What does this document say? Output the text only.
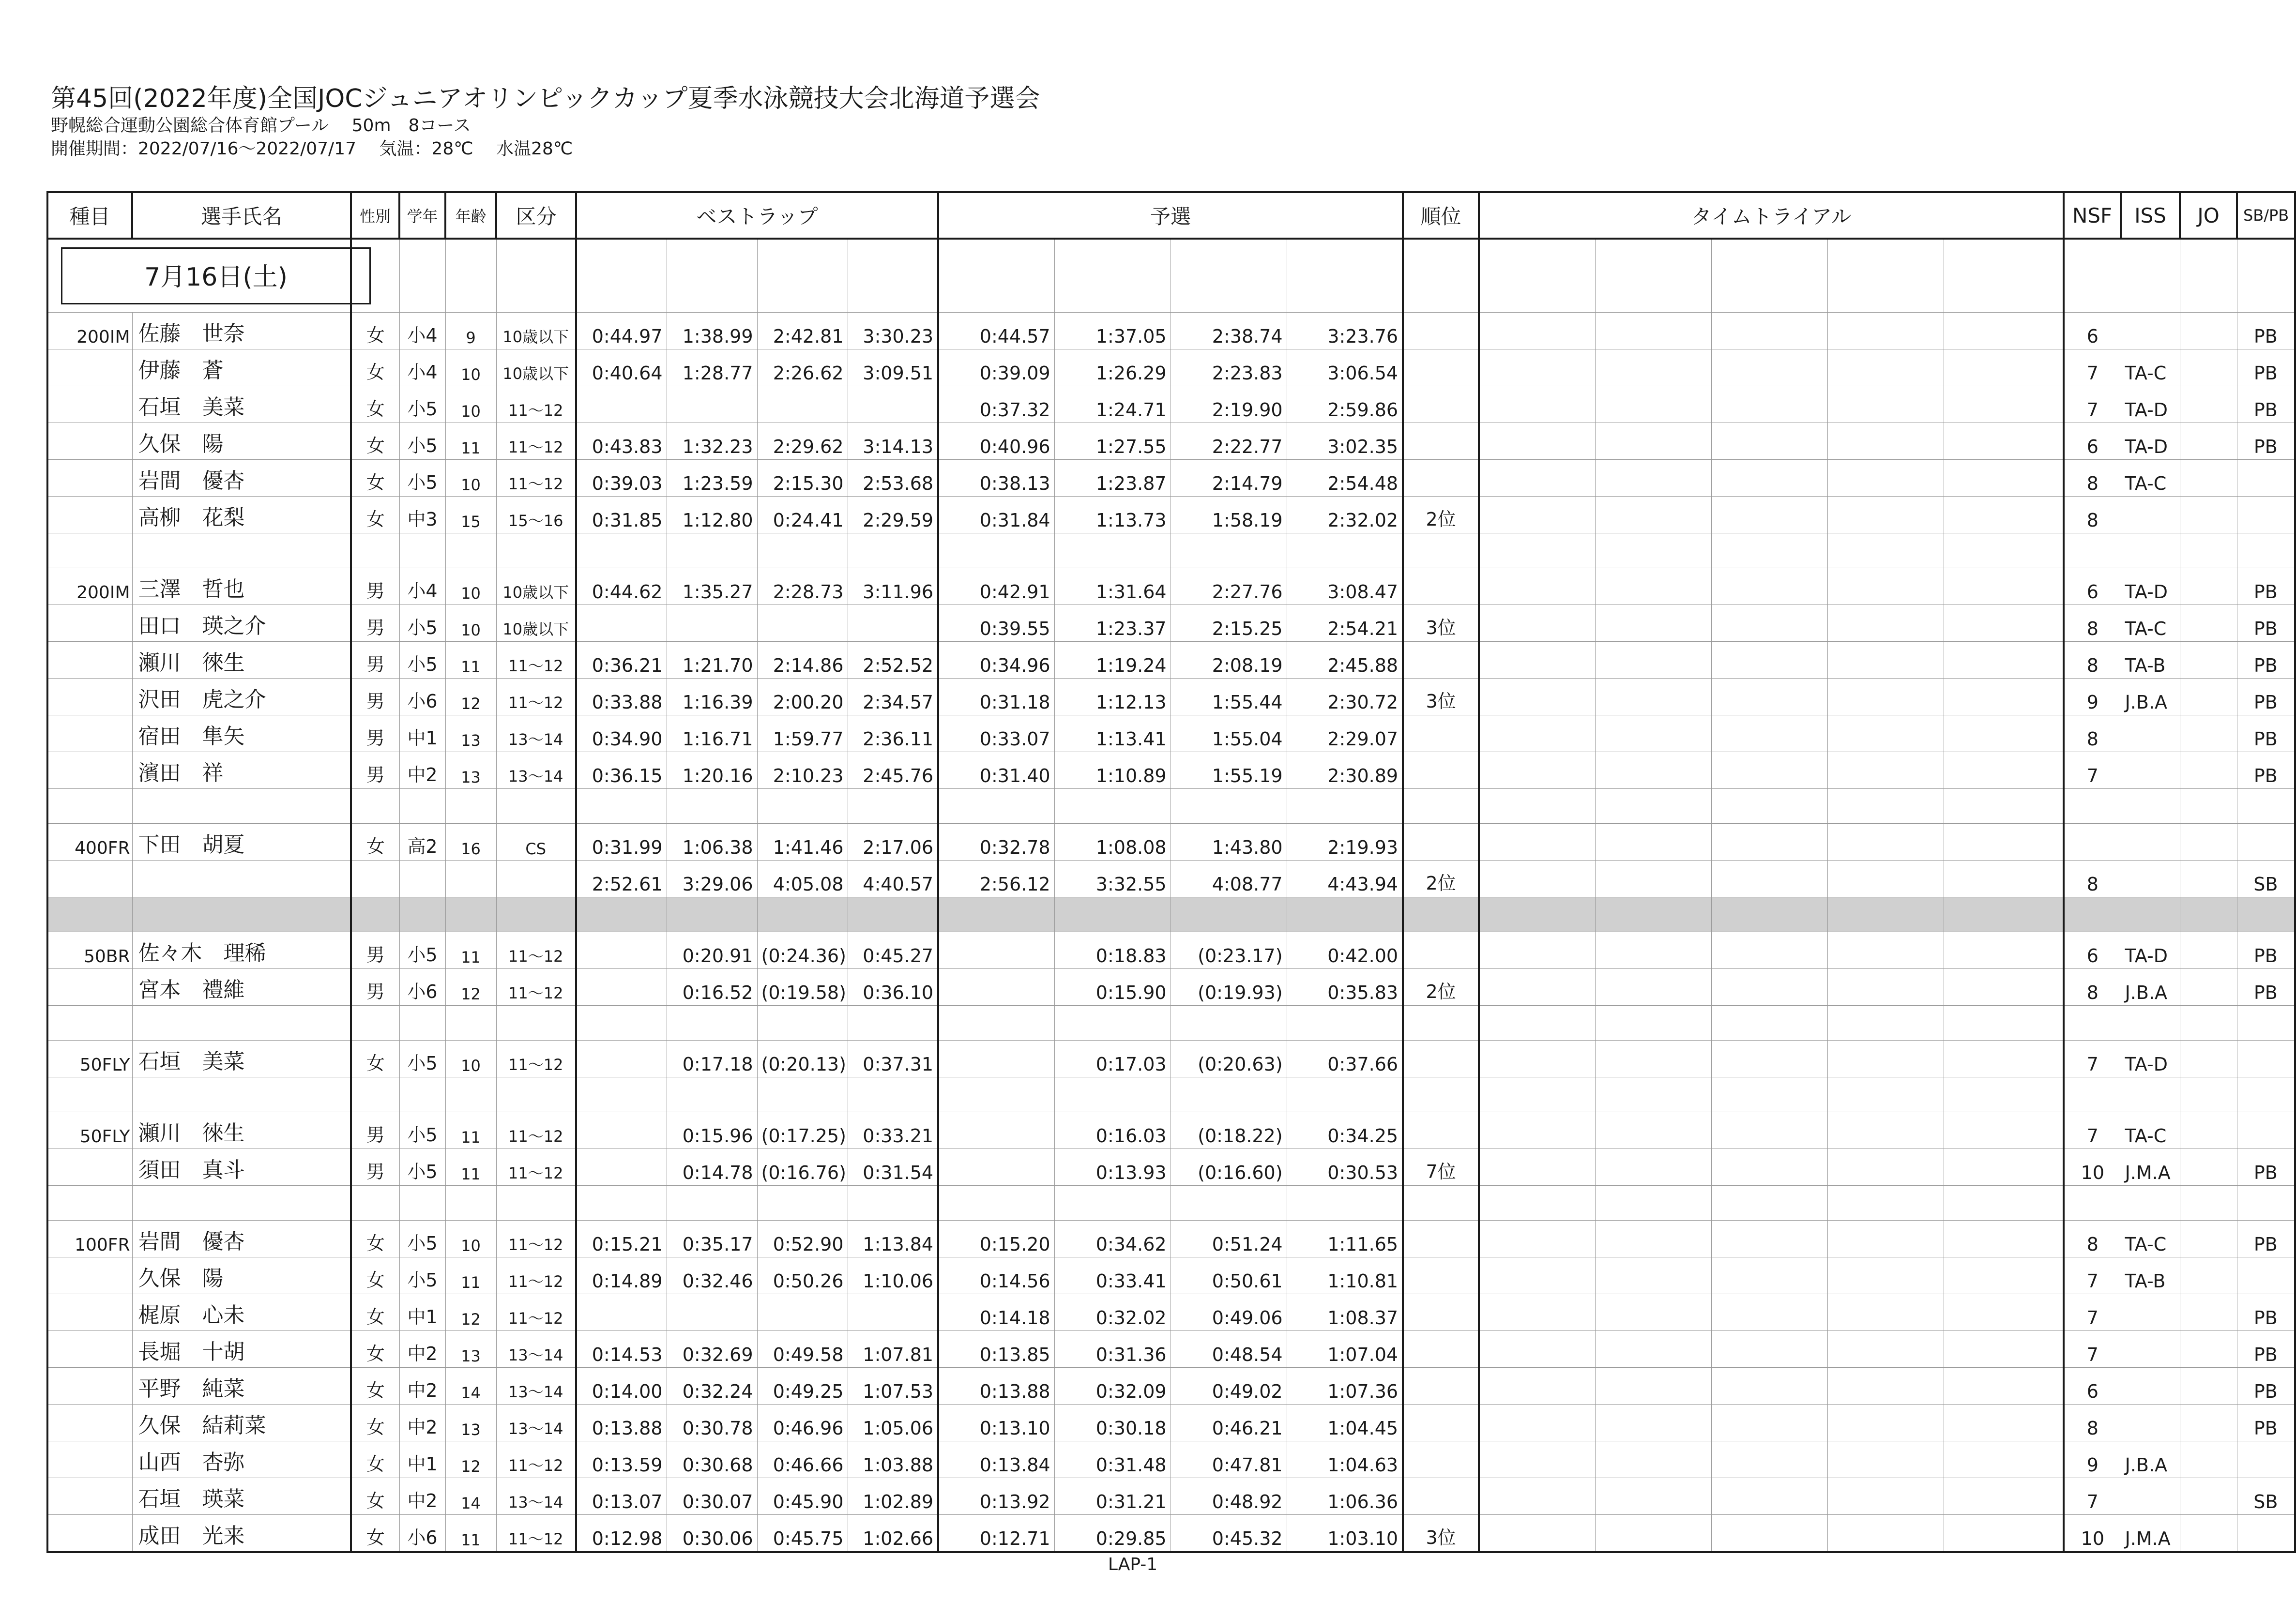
第45回(2022年度)全国JOCジュニアオリンピックカップ夏季水泳競技大会北海道予選会
野幌総合運動公園総合体育館プール　 50m　8コース
開催期間：2022/07/16～2022/07/17　 気温：28℃　 水温28℃
種目	選手氏名	性別	学年	年齢	区分	ベストラップ				予選				順位	タイムトライアル					NSF	ISS	JO	SB/PB
7月16日(土)																							
200IM	佐藤　世奈	女	小4	9	10歳以下	0:44.97	1:38.99	2:42.81	3:30.23	0:44.57	1:37.05	2:38.74	3:23.76							6			PB
	伊藤　蒼	女	小4	10	10歳以下	0:40.64	1:28.77	2:26.62	3:09.51	0:39.09	1:26.29	2:23.83	3:06.54							7	TA-C		PB
	石垣　美菜	女	小5	10	11～12					0:37.32	1:24.71	2:19.90	2:59.86							7	TA-D		PB
	久保　陽	女	小5	11	11～12	0:43.83	1:32.23	2:29.62	3:14.13	0:40.96	1:27.55	2:22.77	3:02.35							6	TA-D		PB
	岩間　優杏	女	小5	10	11～12	0:39.03	1:23.59	2:15.30	2:53.68	0:38.13	1:23.87	2:14.79	2:54.48							8	TA-C		
	高柳　花梨	女	中3	15	15～16	0:31.85	1:12.80	0:24.41	2:29.59	0:31.84	1:13.73	1:58.19	2:32.02	2位						8			

200IM	三澤　哲也	男	小4	10	10歳以下	0:44.62	1:35.27	2:28.73	3:11.96	0:42.91	1:31.64	2:27.76	3:08.47							6	TA-D		PB
	田口　瑛之介	男	小5	10	10歳以下					0:39.55	1:23.37	2:15.25	2:54.21	3位						8	TA-C		PB
	瀬川　徠生	男	小5	11	11～12	0:36.21	1:21.70	2:14.86	2:52.52	0:34.96	1:19.24	2:08.19	2:45.88							8	TA-B		PB
	沢田　虎之介	男	小6	12	11～12	0:33.88	1:16.39	2:00.20	2:34.57	0:31.18	1:12.13	1:55.44	2:30.72	3位						9	J.B.A		PB
	宿田　隼矢	男	中1	13	13～14	0:34.90	1:16.71	1:59.77	2:36.11	0:33.07	1:13.41	1:55.04	2:29.07							8			PB
	濱田　祥	男	中2	13	13～14	0:36.15	1:20.16	2:10.23	2:45.76	0:31.40	1:10.89	1:55.19	2:30.89							7			PB

400FR	下田　胡夏	女	高2	16	CS	0:31.99	1:06.38	1:41.46	2:17.06	0:32.78	1:08.08	1:43.80	2:19.93										
						2:52.61	3:29.06	4:05.08	4:40.57	2:56.12	3:32.55	4:08.77	4:43.94	2位						8			SB

50BR	佐々木　理稀	男	小5	11	11～12		0:20.91	(0:24.36)	0:45.27		0:18.83	(0:23.17)	0:42.00							6	TA-D		PB
	宮本　禮維	男	小6	12	11～12		0:16.52	(0:19.58)	0:36.10		0:15.90	(0:19.93)	0:35.83	2位						8	J.B.A		PB

50FLY	石垣　美菜	女	小5	10	11～12		0:17.18	(0:20.13)	0:37.31		0:17.03	(0:20.63)	0:37.66							7	TA-D		

50FLY	瀬川　徠生	男	小5	11	11～12		0:15.96	(0:17.25)	0:33.21		0:16.03	(0:18.22)	0:34.25							7	TA-C		
	須田　真斗	男	小5	11	11～12		0:14.78	(0:16.76)	0:31.54		0:13.93	(0:16.60)	0:30.53	7位						10	J.M.A		PB

100FR	岩間　優杏	女	小5	10	11～12	0:15.21	0:35.17	0:52.90	1:13.84	0:15.20	0:34.62	0:51.24	1:11.65							8	TA-C		PB
	久保　陽	女	小5	11	11～12	0:14.89	0:32.46	0:50.26	1:10.06	0:14.56	0:33.41	0:50.61	1:10.81							7	TA-B		
	梶原　心未	女	中1	12	11～12					0:14.18	0:32.02	0:49.06	1:08.37							7			PB
	長堀　十胡	女	中2	13	13～14	0:14.53	0:32.69	0:49.58	1:07.81	0:13.85	0:31.36	0:48.54	1:07.04							7			PB
	平野　純菜	女	中2	14	13～14	0:14.00	0:32.24	0:49.25	1:07.53	0:13.88	0:32.09	0:49.02	1:07.36							6			PB
	久保　結莉菜	女	中2	13	13～14	0:13.88	0:30.78	0:46.96	1:05.06	0:13.10	0:30.18	0:46.21	1:04.45							8			PB
	山西　杏弥	女	中1	12	11～12	0:13.59	0:30.68	0:46.66	1:03.88	0:13.84	0:31.48	0:47.81	1:04.63							9	J.B.A		
	石垣　瑛菜	女	中2	14	13～14	0:13.07	0:30.07	0:45.90	1:02.89	0:13.92	0:31.21	0:48.92	1:06.36							7			SB
	成田　光来	女	小6	11	11～12	0:12.98	0:30.06	0:45.75	1:02.66	0:12.71	0:29.85	0:45.32	1:03.10	3位						10	J.M.A		
LAP-1
